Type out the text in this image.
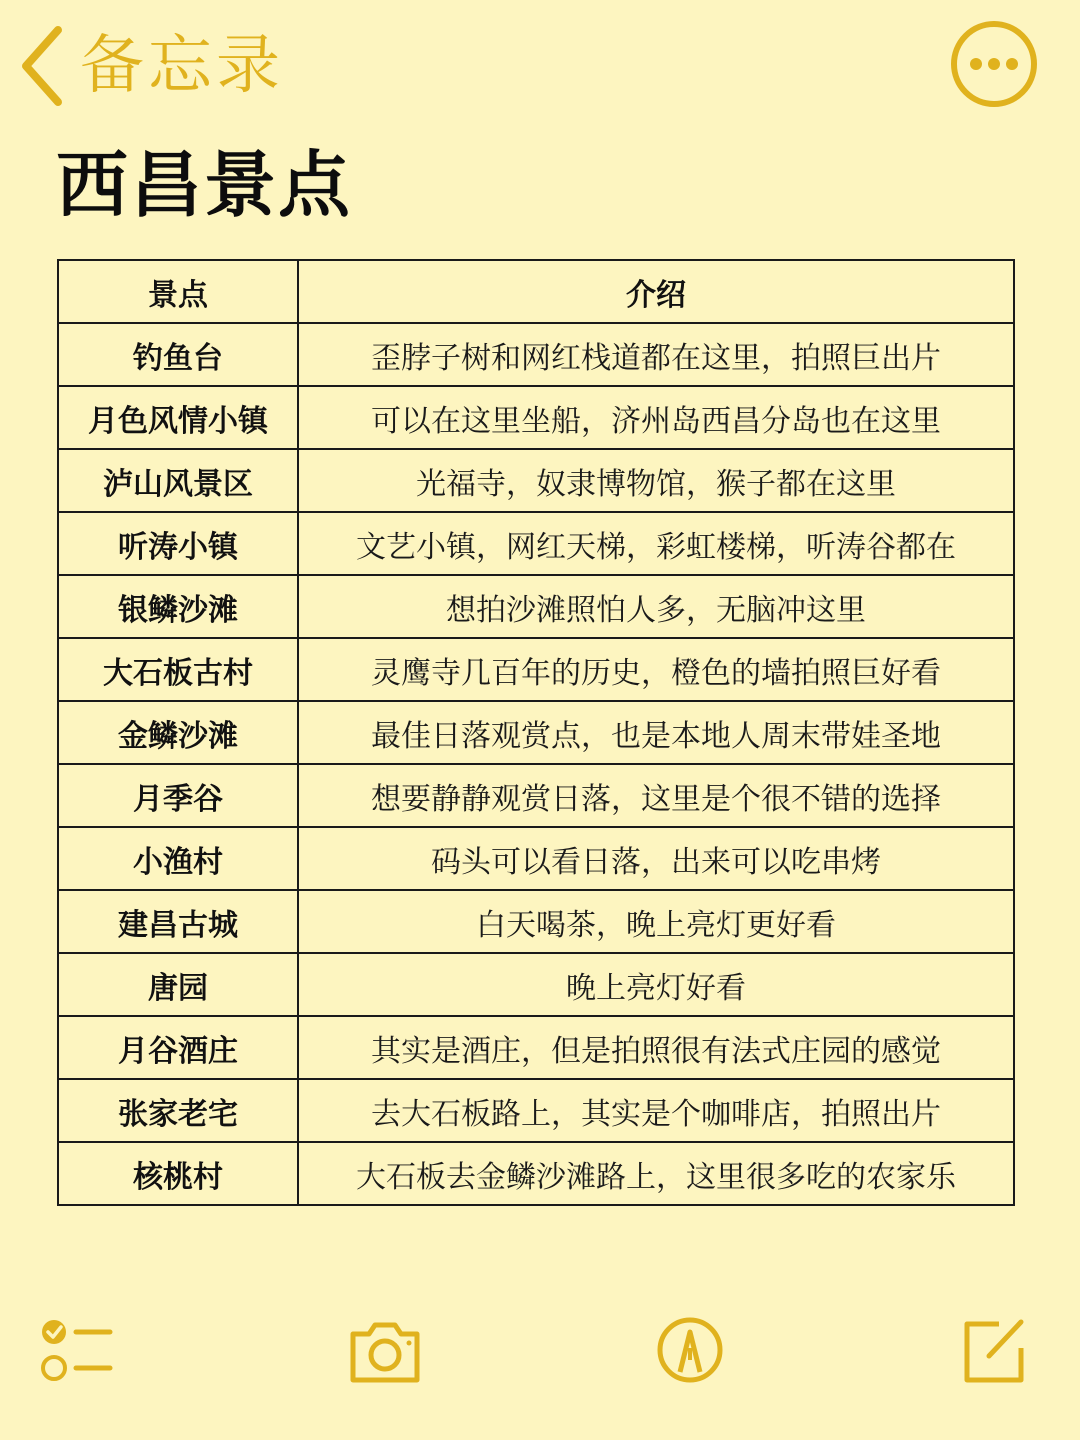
备忘录
西昌景点
景点	介绍
钓鱼台	歪脖子树和网红栈道都在这里，拍照巨出片
月色风情小镇	可以在这里坐船，济州岛西昌分岛也在这里
泸山风景区	光福寺，奴隶博物馆，猴子都在这里
听涛小镇	文艺小镇，网红天梯，彩虹楼梯，听涛谷都在
银鳞沙滩	想拍沙滩照怕人多，无脑冲这里
大石板古村	灵鹰寺几百年的历史，橙色的墙拍照巨好看
金鳞沙滩	最佳日落观赏点，也是本地人周末带娃圣地
月季谷	想要静静观赏日落，这里是个很不错的选择
小渔村	码头可以看日落，出来可以吃串烤
建昌古城	白天喝茶，晚上亮灯更好看
唐园	晚上亮灯好看
月谷酒庄	其实是酒庄，但是拍照很有法式庄园的感觉
张家老宅	去大石板路上，其实是个咖啡店，拍照出片
核桃村	大石板去金鳞沙滩路上，这里很多吃的农家乐
